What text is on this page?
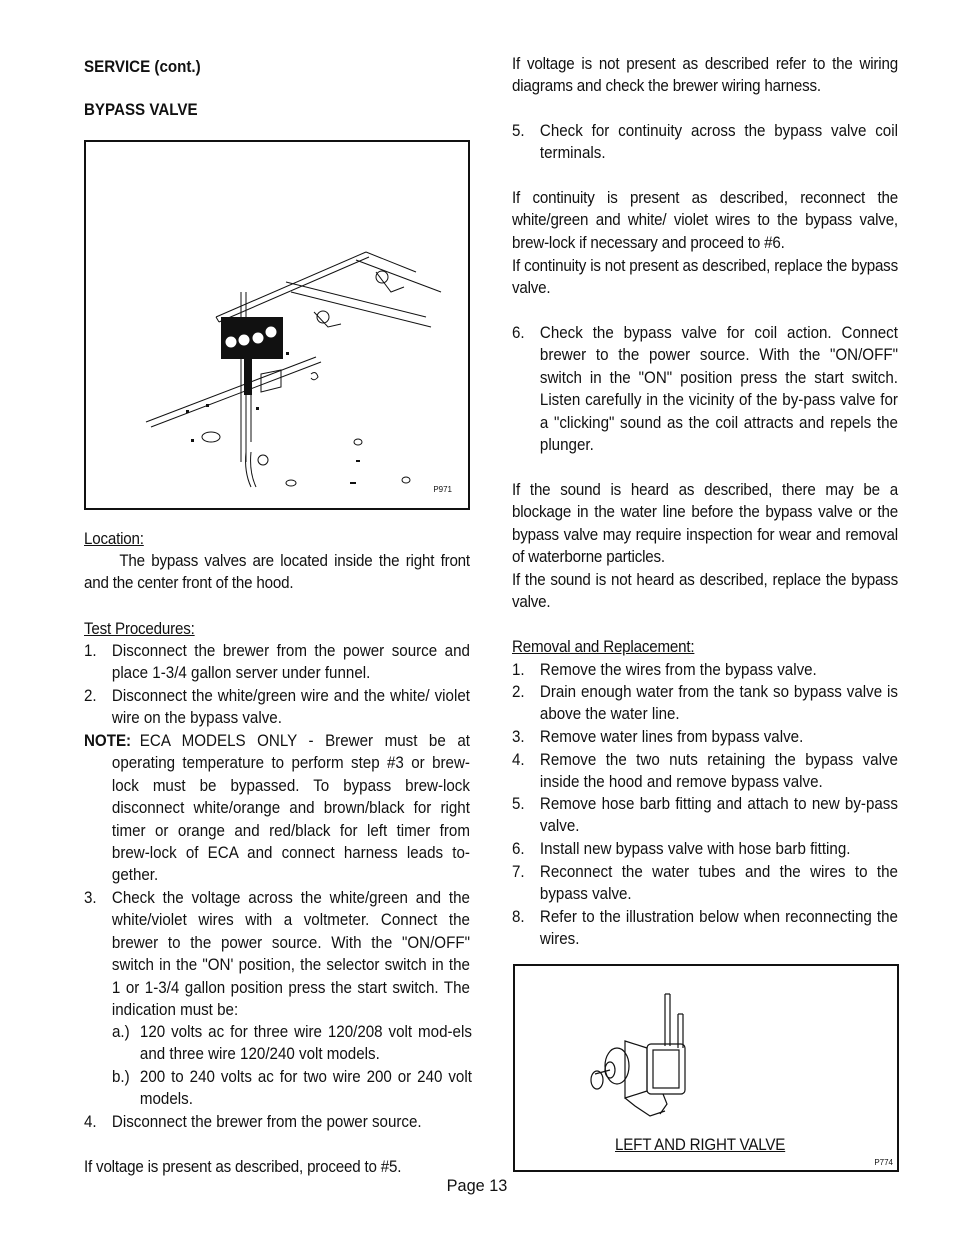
SERVICE (cont.)
BYPASS VALVE
P971
Location:
The bypass valves are located inside the right front and the center front of the hood.
Test Procedures:
1. Disconnect the brewer from the power source and place 1-3/4 gallon server under funnel.
2. Disconnect the white/green wire and the white/ violet wire on the bypass valve.
NOTE: ECA MODELS ONLY - Brewer must be at operating temperature to perform step #3 or brew-lock must be bypassed. To bypass brew-lock disconnect white/orange and brown/black for right timer or orange and red/black for left timer from brew-lock of ECA and connect harness leads to-gether.
3. Check the voltage across the white/green and the white/violet wires with a voltmeter. Connect the brewer to the power source. With the "ON/OFF" switch in the "ON' position, the selector switch in the 1 or 1-3/4 gallon position press the start switch. The indication must be:
a.) 120 volts ac for three wire 120/208 volt mod-els and three wire 120/240 volt models.
b.) 200 to 240 volts ac for two wire 200 or 240 volt models.
4. Disconnect the brewer from the power source.
If voltage is present as described, proceed to #5.
If voltage is not present as described refer to the wiring diagrams and check the brewer wiring harness.
5. Check for continuity across the bypass valve coil terminals.
If continuity is present as described, reconnect the white/green and white/ violet wires to the bypass valve, brew-lock if necessary and proceed to #6.
If continuity is not present as described, replace the bypass valve.
6. Check the bypass valve for coil action. Connect brewer to the power source. With the "ON/OFF" switch in the "ON" position press the start switch. Listen carefully in the vicinity of the by-pass valve for a "clicking" sound as the coil attracts and repels the plunger.
If the sound is heard as described, there may be a blockage in the water line before the bypass valve or the bypass valve may require inspection for wear and removal of waterborne particles.
If the sound is not heard as described, replace the bypass valve.
Removal and Replacement:
1. Remove the wires from the bypass valve.
2. Drain enough water from the tank so bypass valve is above the water line.
3. Remove water lines from bypass valve.
4. Remove the two nuts retaining the bypass valve inside the hood and remove bypass valve.
5. Remove hose barb fitting and attach to new by-pass valve.
6. Install new bypass valve with hose barb fitting.
7. Reconnect the water tubes and the wires to the bypass valve.
8. Refer to the illustration below when reconnecting the wires.
LEFT AND RIGHT VALVE
P774
Page 13
